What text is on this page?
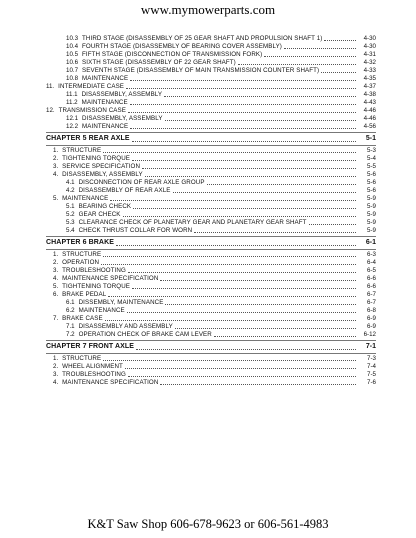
www.mymowerparts.com
10.3 THIRD STAGE (DISASSEMBLY OF 25 GEAR SHAFT AND PROPULSION SHAFT 1)	4-30
10.4 FOURTH STAGE (DISASSEMBLY OF BEARING COVER ASSEMBLY)	4-30
10.5 FIFTH STAGE (DISCONNECTION OF TRANSMISSION FORK)	4-31
10.6 SIXTH STAGE (DISASSEMBLY OF 22 GEAR SHAFT)	4-32
10.7 SEVENTH STAGE (DISASSEMBLY OF MAIN TRANSMISSION COUNTER SHAFT)	4-33
10.8 MAINTENANCE	4-35
11. INTERMEDIATE CASE	4-37
11.1 DISASSEMBLY, ASSEMBLY	4-38
11.2 MAINTENANCE	4-43
12. TRANSMISSION CASE	4-46
12.1 DISASSEMBLY, ASSEMBLY	4-46
12.2 MAINTENANCE	4-56
CHAPTER 5 REAR AXLE	5-1
1. STRUCTURE	5-3
2. TIGHTENING TORQUE	5-4
3. SERVICE SPECIFICATION	5-5
4. DISASSEMBLY, ASSEMBLY	5-6
4.1 DISCONNECTION OF REAR AXLE GROUP	5-6
4.2 DISASSEMBLY OF REAR AXLE	5-6
5. MAINTENANCE	5-9
5.1 BEARING CHECK	5-9
5.2 GEAR CHECK	5-9
5.3 CLEARANCE CHECK OF PLANETARY GEAR AND PLANETARY GEAR SHAFT	5-9
5.4 CHECK THRUST COLLAR FOR WORN	5-9
CHAPTER 6 BRAKE	6-1
1. STRUCTURE	6-3
2. OPERATION	6-4
3. TROUBLESHOOTING	6-5
4. MAINTENANCE SPECIFICATION	6-6
5. TIGHTENING TORQUE	6-6
6. BRAKE PEDAL	6-7
6.1 DISSEMBLY, MAINTENANCE	6-7
6.2 MAINTENANCE	6-8
7. BRAKE CASE	6-9
7.1 DISASSEMBLY AND ASSEMBLY	6-9
7.2 OPERATION CHECK OF BRAKE CAM LEVER	6-12
CHAPTER 7 FRONT AXLE	7-1
1. STRUCTURE	7-3
2. WHEEL ALIGNMENT	7-4
3. TROUBLESHOOTING	7-5
4. MAINTENANCE SPECIFICATION	7-6
K&T Saw Shop 606-678-9623 or 606-561-4983
